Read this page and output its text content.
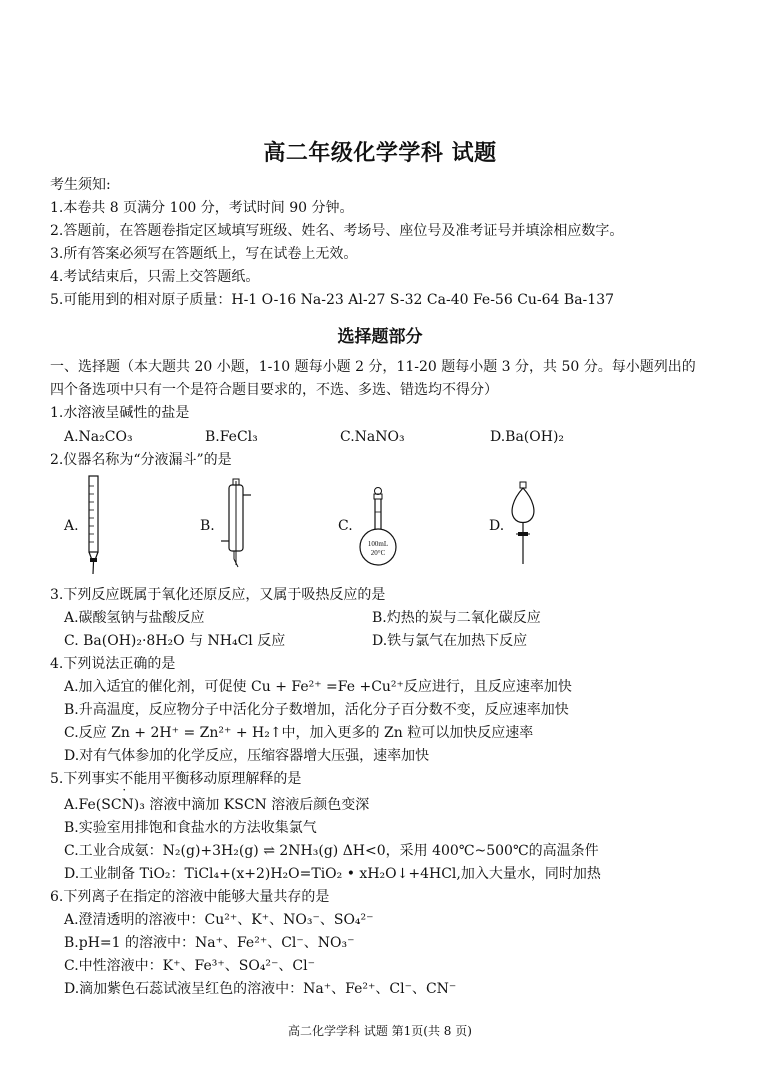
高二年级化学学科 试题
考生须知:
1.本卷共 8 页满分 100 分，考试时间 90 分钟。
2.答题前，在答题卷指定区域填写班级、姓名、考场号、座位号及准考证号并填涂相应数字。
3.所有答案必须写在答题纸上，写在试卷上无效。
4.考试结束后，只需上交答题纸。
5.可能用到的相对原子质量：H-1 O-16 Na-23 Al-27 S-32 Ca-40 Fe-56 Cu-64 Ba-137
选择题部分
一、选择题（本大题共 20 小题，1-10 题每小题 2 分，11-20 题每小题 3 分，共 50 分。每小题列出的
四个备选项中只有一个是符合题目要求的，不选、多选、错选均不得分）
1.水溶液呈碱性的盐是
A.Na₂CO₃	B.FeCl₃	C.NaNO₃	D.Ba(OH)₂
2.仪器名称为“分液漏斗”的是
A.	B.	C.	D.
100mL
20°C
3.下列反应既属于氧化还原反应，又属于吸热反应的是
A.碳酸氢钠与盐酸反应	B.灼热的炭与二氧化碳反应
C. Ba(OH)₂·8H₂O 与 NH₄Cl 反应	D.铁与氯气在加热下反应
4.下列说法正确的是
A.加入适宜的催化剂，可促使 Cu + Fe²⁺ =Fe +Cu²⁺反应进行，且反应速率加快
B.升高温度，反应物分子中活化分子数增加，活化分子百分数不变，反应速率加快
C.反应 Zn + 2H⁺ = Zn²⁺ + H₂↑中，加入更多的 Zn 粒可以加快反应速率
D.对有气体参加的化学反应，压缩容器增大压强，速率加快
5.下列事实不能用平衡移动原理解释的是
A.Fe(SCN)₃ 溶液中滴加 KSCN 溶液后颜色变深
B.实验室用排饱和食盐水的方法收集氯气
C.工业合成氨：N₂(g)+3H₂(g) ⇌ 2NH₃(g) ΔH<0，采用 400℃~500℃的高温条件
D.工业制备 TiO₂：TiCl₄+(x+2)H₂O=TiO₂ • xH₂O↓+4HCl,加入大量水，同时加热
6.下列离子在指定的溶液中能够大量共存的是
A.澄清透明的溶液中：Cu²⁺、K⁺、NO₃⁻、SO₄²⁻
B.pH=1 的溶液中：Na⁺、Fe²⁺、Cl⁻、NO₃⁻
C.中性溶液中：K⁺、Fe³⁺、SO₄²⁻、Cl⁻
D.滴加紫色石蕊试液呈红色的溶液中：Na⁺、Fe²⁺、Cl⁻、CN⁻
高二化学学科 试题 第1页(共 8 页)
